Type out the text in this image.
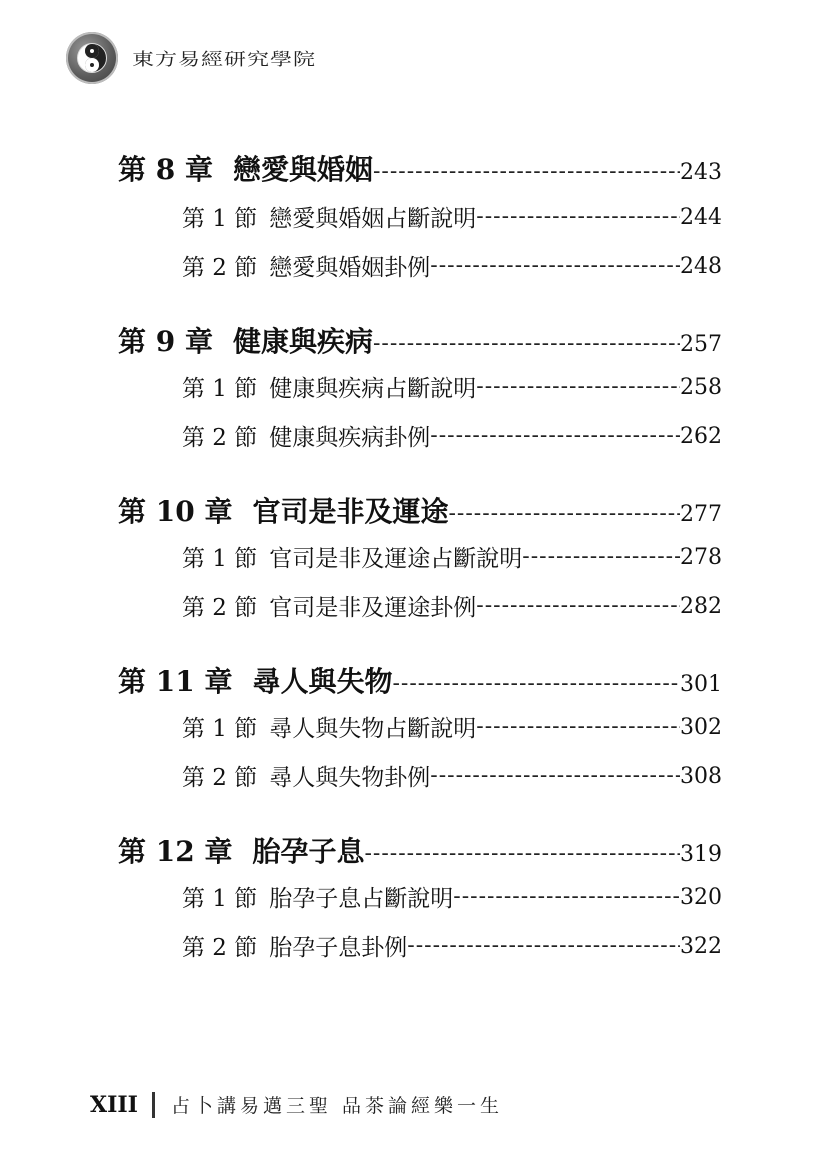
東方易經研究學院
第 8 章 戀愛與婚姻 -----	243
第 1 節 戀愛與婚姻占斷說明 -----	244
第 2 節 戀愛與婚姻卦例 -----	248
第 9 章 健康與疾病 -----	257
第 1 節 健康與疾病占斷說明 -----	258
第 2 節 健康與疾病卦例 -----	262
第 10 章 官司是非及運途 -----	277
第 1 節 官司是非及運途占斷說明 -----	278
第 2 節 官司是非及運途卦例 -----	282
第 11 章 尋人與失物 -----	301
第 1 節 尋人與失物占斷說明 -----	302
第 2 節 尋人與失物卦例 -----	308
第 12 章 胎孕子息 -----	319
第 1 節 胎孕子息占斷說明 -----	320
第 2 節 胎孕子息卦例 -----	322
XIII 占卜講易邁三聖 品茶論經樂一生
